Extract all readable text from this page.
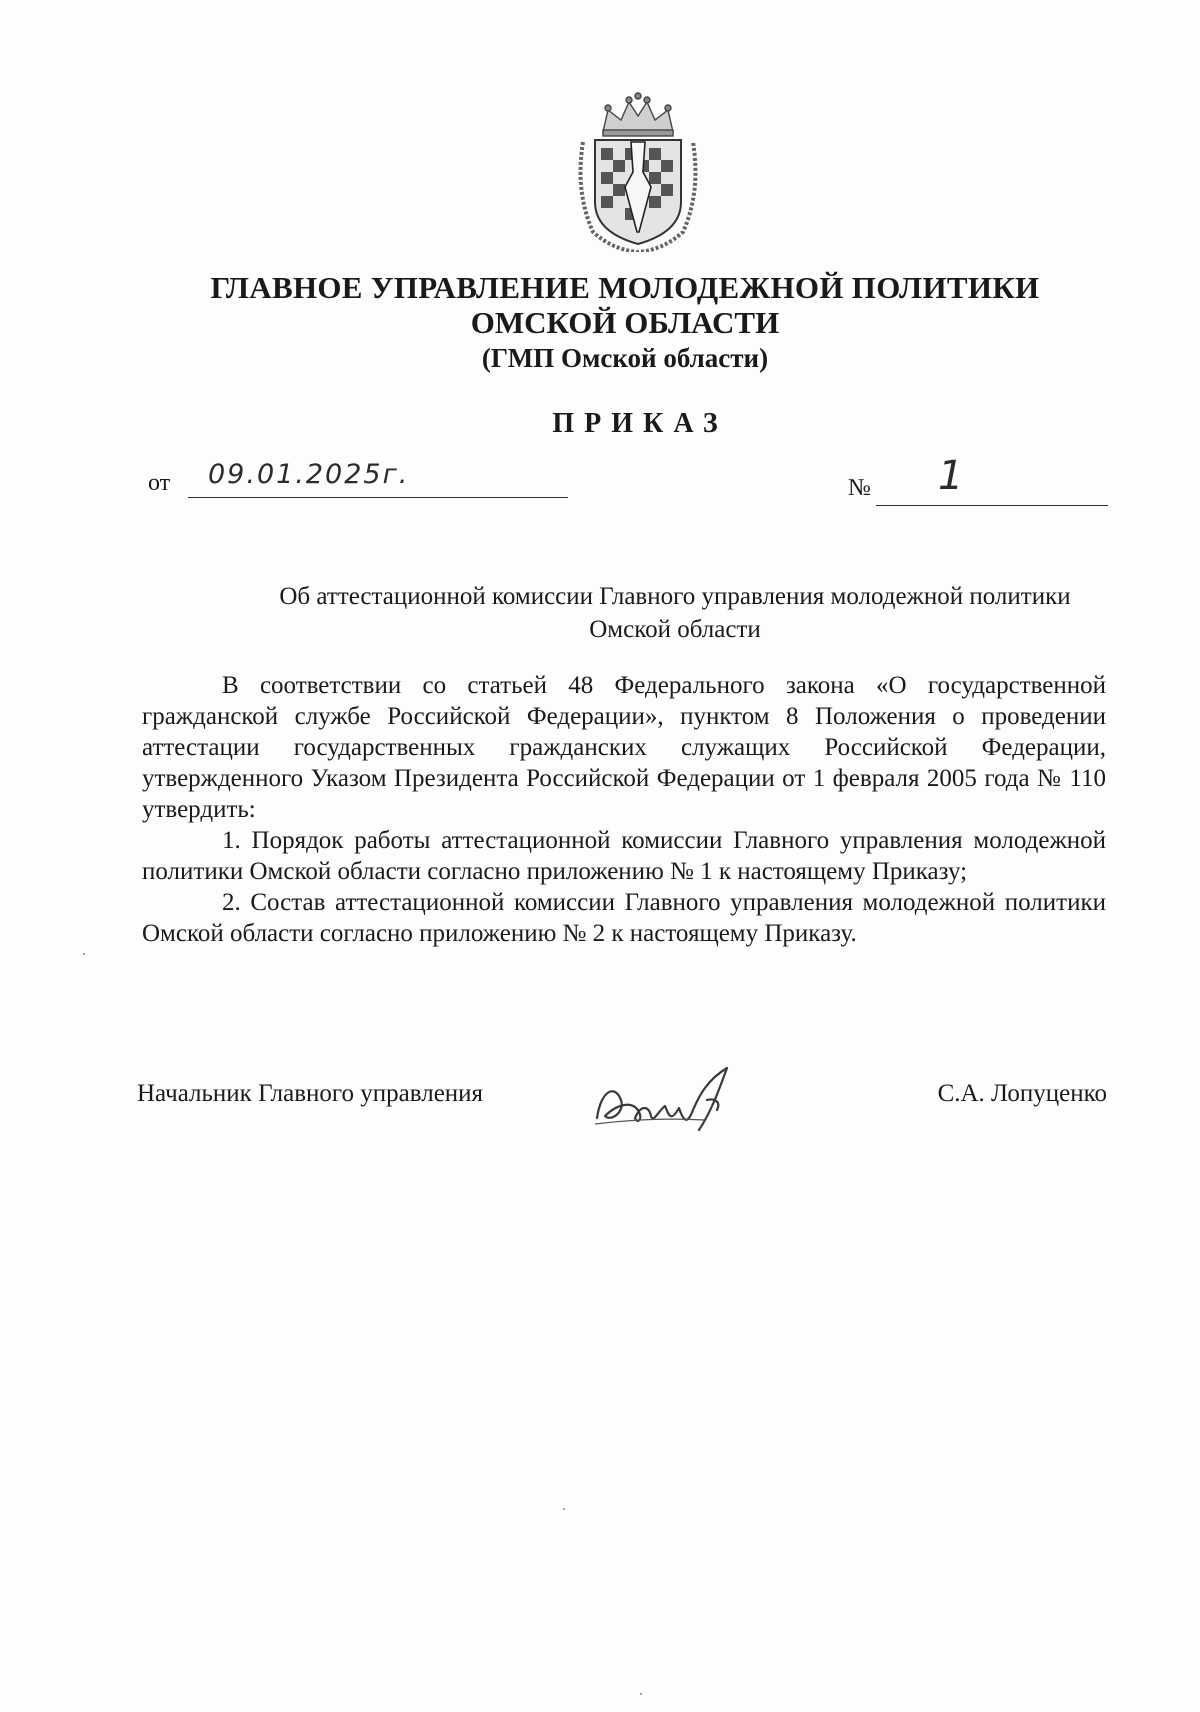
ГЛАВНОЕ УПРАВЛЕНИЕ МОЛОДЕЖНОЙ ПОЛИТИКИ
ОМСКОЙ ОБЛАСТИ
(ГМП Омской области)
ПРИКАЗ
от 09.01.2025г.	№ 1
Об аттестационной комиссии Главного управления молодежной политики Омской области

В соответствии со статьей 48 Федерального закона «О государственной гражданской службе Российской Федерации», пунктом 8 Положения о проведении аттестации государственных гражданских служащих Российской Федерации, утвержденного Указом Президента Российской Федерации от 1 февраля 2005 года № 110 утвердить:

1. Порядок работы аттестационной комиссии Главного управления молодежной политики Омской области согласно приложению № 1 к настоящему Приказу;

2. Состав аттестационной комиссии Главного управления молодежной политики Омской области согласно приложению № 2 к настоящему Приказу.

Начальник Главного управления	С.А. Лопуценко
